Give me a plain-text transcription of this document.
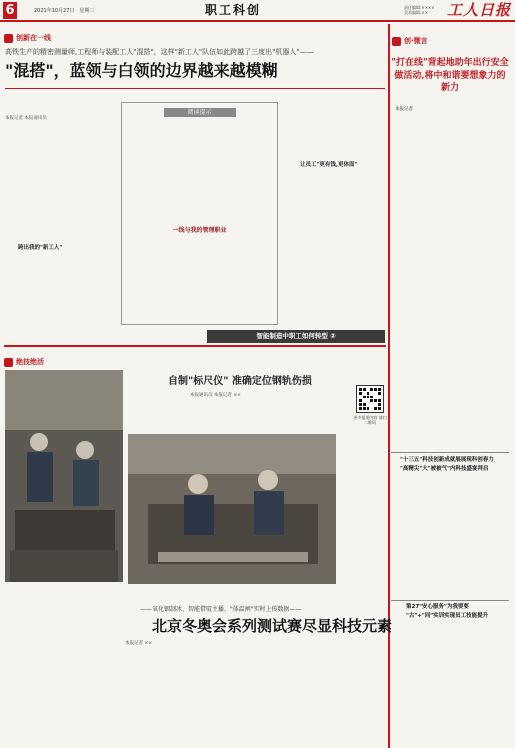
6	2021年10月27日　星期三	职工科创	责任编辑:××××
美术编辑:××	工人日报
创新在一线
高铁生产的精密测量师,工程师与装配工人"混搭"，这样"新工人"队伍如此跨越了三度出"机器人"——
"混搭"，蓝领与白领的边界越来越模糊
本报记者 本报通讯员
跨出我的"新工人"
阅读提示

一线与我的管理职业

让员工"更有钱,更体面"
智能制造中职工如何转型 ②
创·微言
"打在线"背起地助年出行安全 做活动,将中和谐要想象力的新力
本报记者
"十三五"科技创新成就展展现科创春力
"高精尖"大"被被气"内科技盛宴拜启
第27"安心服务"为我要要
"古"+"同"实训实现员工技能提升
绝技绝活
自制"标尺仪" 准确定位钢轨伤损
本报通讯员 本报记者 ××
更多报道内容 请扫二维码
——氧化铟制冰、智能借驭主播、"体温闸"实时上传数据——
北京冬奥会系列测试赛尽显科技元素
本报记者 ××
